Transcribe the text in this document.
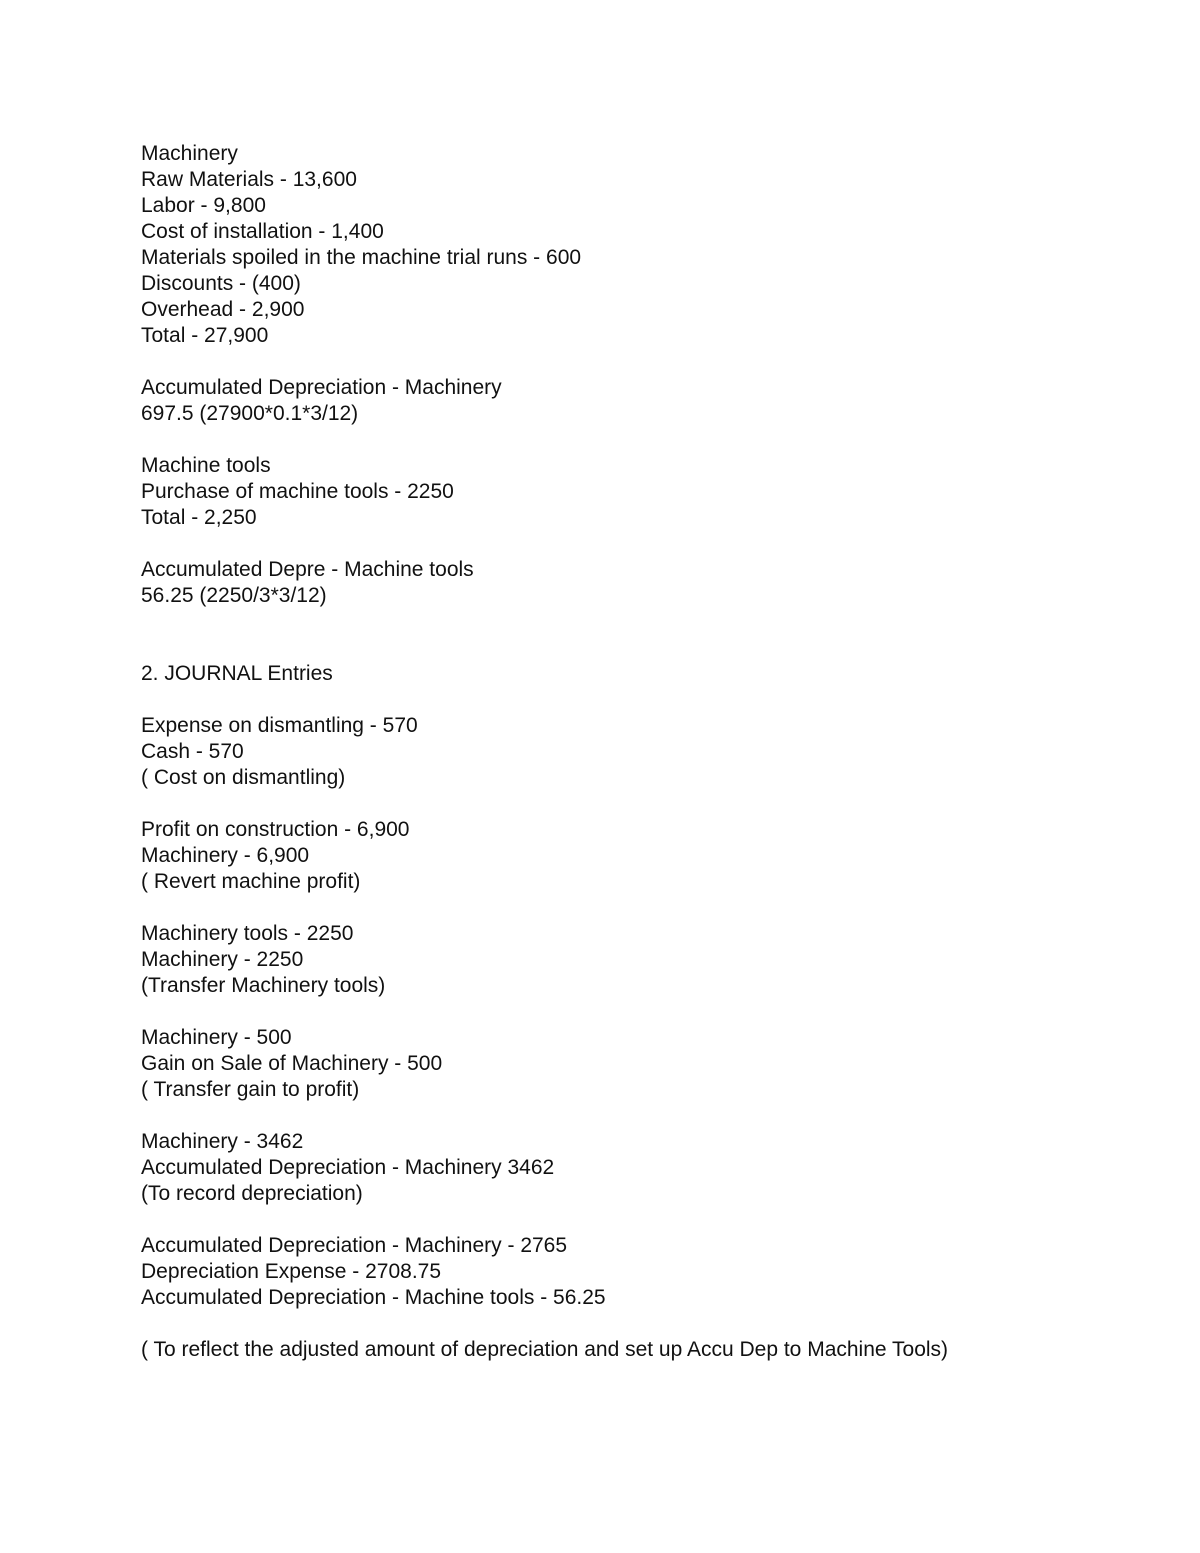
Machinery
Raw Materials - 13,600
Labor - 9,800
Cost of installation - 1,400
Materials spoiled in the machine trial runs - 600
Discounts - (400)
Overhead - 2,900
Total - 27,900
Accumulated Depreciation - Machinery
697.5 (27900*0.1*3/12)
Machine tools
Purchase of machine tools - 2250
Total - 2,250
Accumulated Depre - Machine tools
56.25 (2250/3*3/12)
2. JOURNAL Entries
Expense on dismantling - 570
Cash - 570
( Cost on dismantling)
Profit on construction - 6,900
Machinery - 6,900
( Revert machine profit)
Machinery tools - 2250
Machinery - 2250
(Transfer Machinery tools)
Machinery - 500
Gain on Sale of Machinery - 500
( Transfer gain to profit)
Machinery - 3462
Accumulated Depreciation - Machinery 3462
(To record depreciation)
Accumulated Depreciation - Machinery - 2765
Depreciation Expense - 2708.75
Accumulated Depreciation - Machine tools - 56.25
( To reflect the adjusted amount of depreciation and set up Accu Dep to Machine Tools)
